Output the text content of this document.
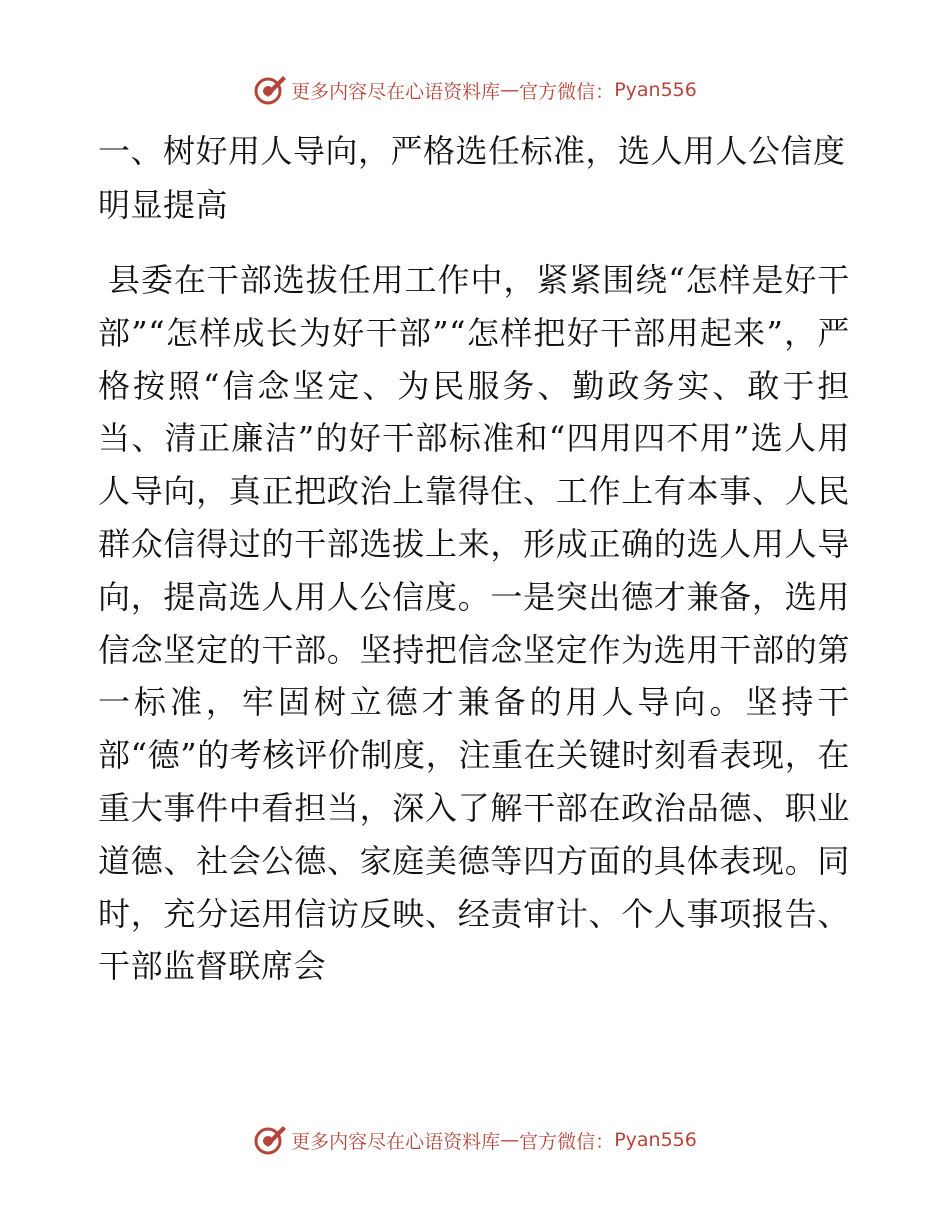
更多内容尽在心语资料库 — 官方微信： Pyan556
一、树好用人导向，严格选任标准，选人用人公信度明显提高

县委在干部选拔任用工作中，紧紧围绕“怎样是好干部”“怎样成长为好干部”“怎样把好干部用起来”，严格按照“信念坚定、为民服务、勤政务实、敢于担当、清正廉洁”的好干部标准和“四用四不用”选人用人导向，真正把政治上靠得住、工作上有本事、人民群众信得过的干部选拔上来，形成正确的选人用人导向，提高选人用人公信度。一是突出德才兼备，选用信念坚定的干部。坚持把信念坚定作为选用干部的第一标准，牢固树立德才兼备的用人导向。坚持干部“德”的考核评价制度，注重在关键时刻看表现，在重大事件中看担当，深入了解干部在政治品德、职业道德、社会公德、家庭美德等四方面的具体表现。同时，充分运用信访反映、经责审计、个人事项报告、干部监督联席会

更多内容尽在心语资料库 — 官方微信： Pyan556
